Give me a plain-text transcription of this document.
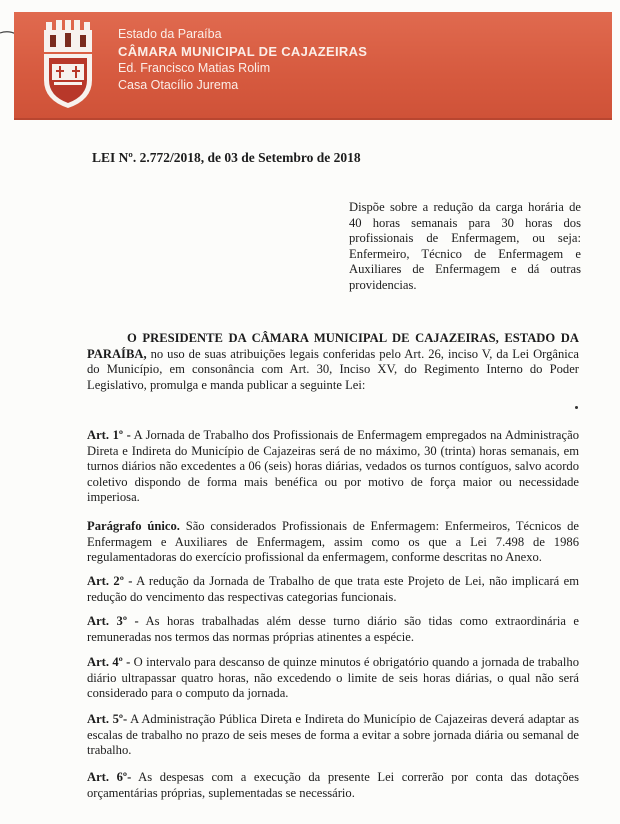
Estado da Paraíba
CÂMARA MUNICIPAL DE CAJAZEIRAS
Ed. Francisco Matias Rolim
Casa Otacílio Jurema
LEI Nº. 2.772/2018, de 03 de Setembro de 2018
Dispõe sobre a redução da carga horária de 40 horas semanais para 30 horas dos profissionais de Enfermagem, ou seja: Enfermeiro, Técnico de Enfermagem e Auxiliares de Enfermagem e dá outras providencias.
O PRESIDENTE DA CÂMARA MUNICIPAL DE CAJAZEIRAS, ESTADO DA PARAÍBA, no uso de suas atribuições legais conferidas pelo Art. 26, inciso V, da Lei Orgânica do Município, em consonância com Art. 30, Inciso XV, do Regimento Interno do Poder Legislativo, promulga e manda publicar a seguinte Lei:
Art. 1º - A Jornada de Trabalho dos Profissionais de Enfermagem empregados na Administração Direta e Indireta do Município de Cajazeiras será de no máximo, 30 (trinta) horas semanais, em turnos diários não excedentes a 06 (seis) horas diárias, vedados os turnos contíguos, salvo acordo coletivo dispondo de forma mais benéfica ou por motivo de força maior ou necessidade imperiosa.
Parágrafo único. São considerados Profissionais de Enfermagem: Enfermeiros, Técnicos de Enfermagem e Auxiliares de Enfermagem, assim como os que a Lei 7.498 de 1986 regulamentadoras do exercício profissional da enfermagem, conforme descritas no Anexo.
Art. 2º - A redução da Jornada de Trabalho de que trata este Projeto de Lei, não implicará em redução do vencimento das respectivas categorias funcionais.
Art. 3º - As horas trabalhadas além desse turno diário são tidas como extraordinária e remuneradas nos termos das normas próprias atinentes a espécie.
Art. 4º - O intervalo para descanso de quinze minutos é obrigatório quando a jornada de trabalho diário ultrapassar quatro horas, não excedendo o limite de seis horas diárias, o qual não será considerado para o computo da jornada.
Art. 5º- A Administração Pública Direta e Indireta do Município de Cajazeiras deverá adaptar as escalas de trabalho no prazo de seis meses de forma a evitar a sobre jornada diária ou semanal de trabalho.
Art. 6º- As despesas com a execução da presente Lei correrão por conta das dotações orçamentárias próprias, suplementadas se necessário.
